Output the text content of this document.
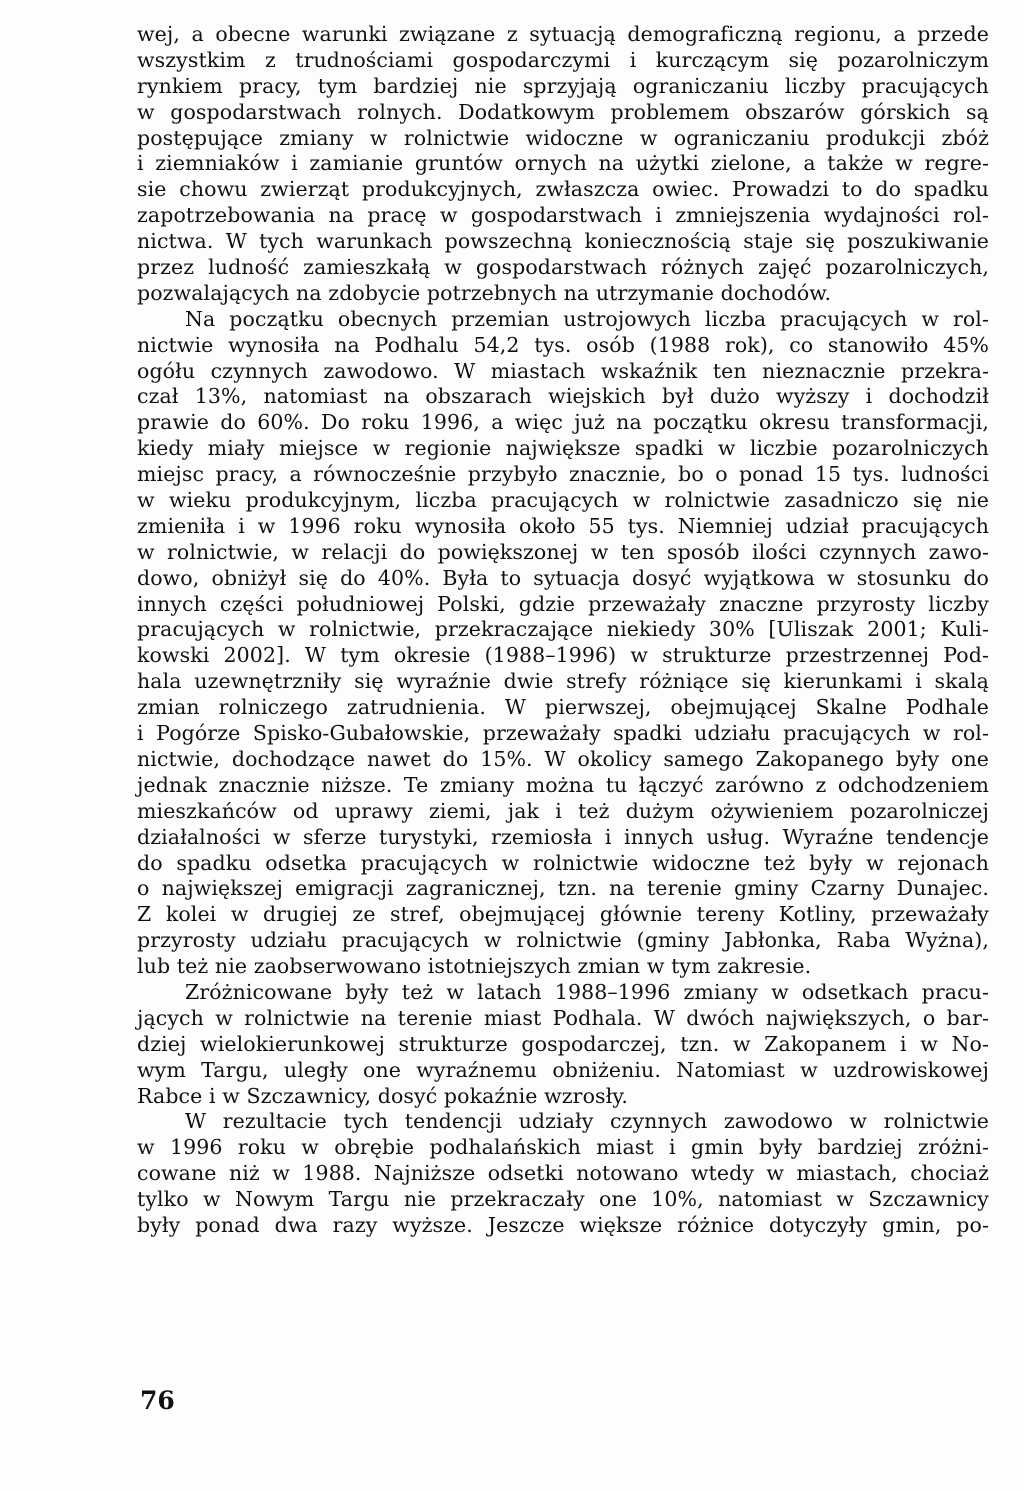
wej, a obecne warunki związane z sytuacją demograficzną regionu, a przede
wszystkim z trudnościami gospodarczymi i kurczącym się pozarolniczym
rynkiem pracy, tym bardziej nie sprzyjają ograniczaniu liczby pracujących
w gospodarstwach rolnych. Dodatkowym problemem obszarów górskich są
postępujące zmiany w rolnictwie widoczne w ograniczaniu produkcji zbóż
i ziemniaków i zamianie gruntów ornych na użytki zielone, a także w regre-
sie chowu zwierząt produkcyjnych, zwłaszcza owiec. Prowadzi to do spadku
zapotrzebowania na pracę w gospodarstwach i zmniejszenia wydajności rol-
nictwa. W tych warunkach powszechną koniecznością staje się poszukiwanie
przez ludność zamieszkałą w gospodarstwach różnych zajęć pozarolniczych,
pozwalających na zdobycie potrzebnych na utrzymanie dochodów.
Na początku obecnych przemian ustrojowych liczba pracujących w rol-
nictwie wynosiła na Podhalu 54,2 tys. osób (1988 rok), co stanowiło 45%
ogółu czynnych zawodowo. W miastach wskaźnik ten nieznacznie przekra-
czał 13%, natomiast na obszarach wiejskich był dużo wyższy i dochodził
prawie do 60%. Do roku 1996, a więc już na początku okresu transformacji,
kiedy miały miejsce w regionie największe spadki w liczbie pozarolniczych
miejsc pracy, a równocześnie przybyło znacznie, bo o ponad 15 tys. ludności
w wieku produkcyjnym, liczba pracujących w rolnictwie zasadniczo się nie
zmieniła i w 1996 roku wynosiła około 55 tys. Niemniej udział pracujących
w rolnictwie, w relacji do powiększonej w ten sposób ilości czynnych zawo-
dowo, obniżył się do 40%. Była to sytuacja dosyć wyjątkowa w stosunku do
innych części południowej Polski, gdzie przeważały znaczne przyrosty liczby
pracujących w rolnictwie, przekraczające niekiedy 30% [Uliszak 2001; Kuli-
kowski 2002]. W tym okresie (1988–1996) w strukturze przestrzennej Pod-
hala uzewnętrzniły się wyraźnie dwie strefy różniące się kierunkami i skalą
zmian rolniczego zatrudnienia. W pierwszej, obejmującej Skalne Podhale
i Pogórze Spisko-Gubałowskie, przeważały spadki udziału pracujących w rol-
nictwie, dochodzące nawet do 15%. W okolicy samego Zakopanego były one
jednak znacznie niższe. Te zmiany można tu łączyć zarówno z odchodzeniem
mieszkańców od uprawy ziemi, jak i też dużym ożywieniem pozarolniczej
działalności w sferze turystyki, rzemiosła i innych usług. Wyraźne tendencje
do spadku odsetka pracujących w rolnictwie widoczne też były w rejonach
o największej emigracji zagranicznej, tzn. na terenie gminy Czarny Dunajec.
Z kolei w drugiej ze stref, obejmującej głównie tereny Kotliny, przeważały
przyrosty udziału pracujących w rolnictwie (gminy Jabłonka, Raba Wyżna),
lub też nie zaobserwowano istotniejszych zmian w tym zakresie.
Zróżnicowane były też w latach 1988–1996 zmiany w odsetkach pracu-
jących w rolnictwie na terenie miast Podhala. W dwóch największych, o bar-
dziej wielokierunkowej strukturze gospodarczej, tzn. w Zakopanem i w No-
wym Targu, uległy one wyraźnemu obniżeniu. Natomiast w uzdrowiskowej
Rabce i w Szczawnicy, dosyć pokaźnie wzrosły.
W rezultacie tych tendencji udziały czynnych zawodowo w rolnictwie
w 1996 roku w obrębie podhalańskich miast i gmin były bardziej zróżni-
cowane niż w 1988. Najniższe odsetki notowano wtedy w miastach, chociaż
tylko w Nowym Targu nie przekraczały one 10%, natomiast w Szczawnicy
były ponad dwa razy wyższe. Jeszcze większe różnice dotyczyły gmin, po-
76
